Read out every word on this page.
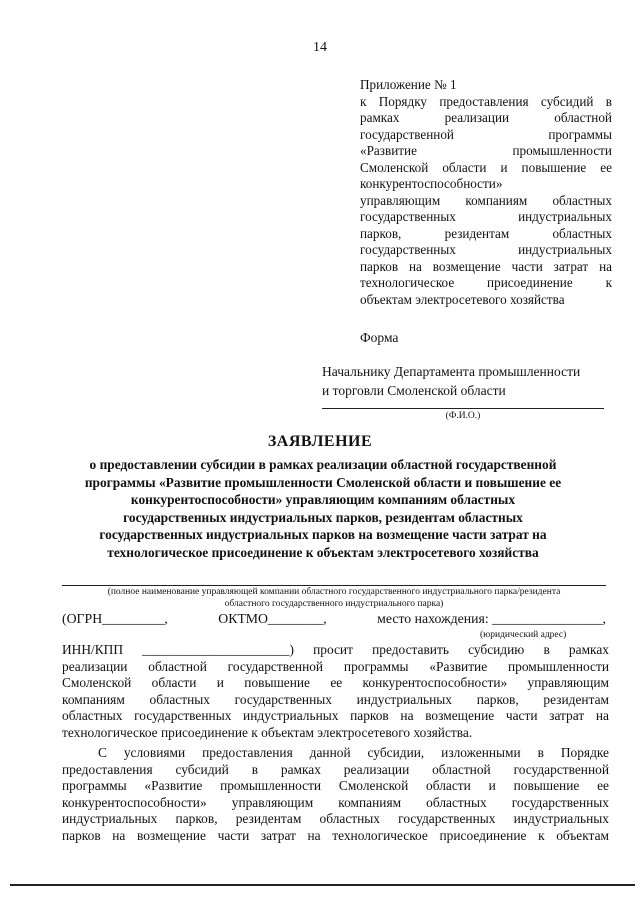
14
Приложение № 1
к Порядку предоставления субсидий в
рамках реализации областной
государственной программы
«Развитие промышленности
Смоленской области и повышение ее
конкурентоспособности»
управляющим компаниям областных
государственных индустриальных
парков, резидентам областных
государственных индустриальных
парков на возмещение части затрат на
технологическое присоединение к
объектам электросетевого хозяйства
Форма
Начальнику Департамента промышленности
и торговли Смоленской области
(Ф.И.О.)
ЗАЯВЛЕНИЕ
о предоставлении субсидии в рамках реализации областной государственной
программы «Развитие промышленности Смоленской области и повышение ее
конкурентоспособности» управляющим компаниям областных
государственных индустриальных парков, резидентам областных
государственных индустриальных парков на возмещение части затрат на
технологическое присоединение к объектам электросетевого хозяйства
(полное наименование управляющей компании областного государственного индустриального парка/резидента
областного государственного индустриального парка)
(ОГРН_________,	ОКТМО________,	место нахождения: ________________,
(юридический адрес)
ИНН/КПП ______________________) просит предоставить субсидию в рамках
реализации областной государственной программы «Развитие промышленности
Смоленской области и повышение ее конкурентоспособности» управляющим
компаниям областных государственных индустриальных парков, резидентам
областных государственных индустриальных парков на возмещение части затрат на
технологическое присоединение к объектам электросетевого хозяйства.
С условиями предоставления данной субсидии, изложенными в Порядке
предоставления субсидий в рамках реализации областной государственной
программы «Развитие промышленности Смоленской области и повышение ее
конкурентоспособности» управляющим компаниям областных государственных
индустриальных парков, резидентам областных государственных индустриальных
парков на возмещение части затрат на технологическое присоединение к объектам
